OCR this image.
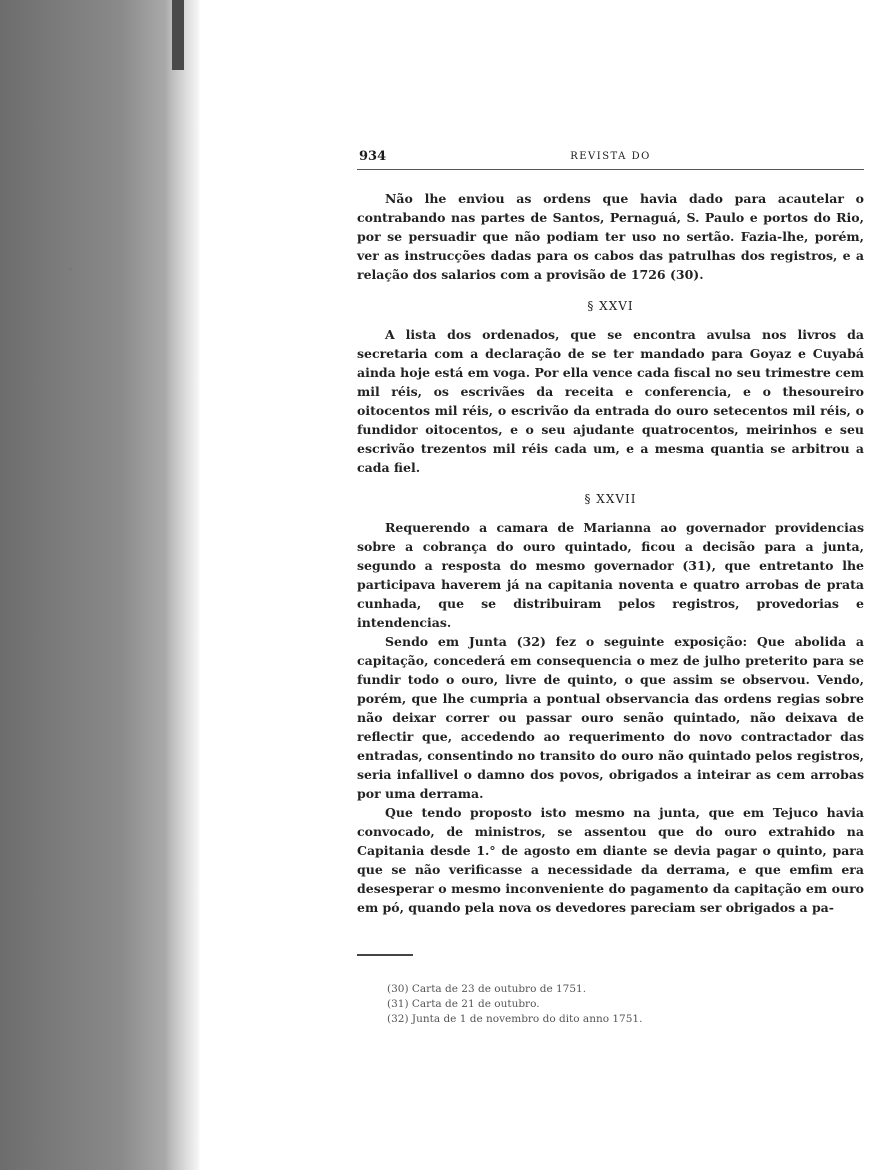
934	REVISTA DO

Não lhe enviou as ordens que havia dado para acautelar o contrabando nas partes de Santos, Pernaguá, S. Paulo e portos do Rio, por se persuadir que não podiam ter uso no sertão. Fazia-lhe, porém, ver as instrucções dadas para os cabos das patrulhas dos registros, e a relação dos salarios com a provisão de 1726 (30).

§ XXVI

A lista dos ordenados, que se encontra avulsa nos livros da secretaria com a declaração de se ter mandado para Goyaz e Cuyabá ainda hoje está em voga. Por ella vence cada fiscal no seu trimestre cem mil réis, os escrivães da receita e conferencia, e o thesoureiro oitocentos mil réis, o escrivão da entrada do ouro setecentos mil réis, o fundidor oitocentos, e o seu ajudante quatrocentos, meirinhos e seu escrivão trezentos mil réis cada um, e a mesma quantia se arbitrou a cada fiel.

§ XXVII

Requerendo a camara de Marianna ao governador providencias sobre a cobrança do ouro quintado, ficou a decisão para a junta, segundo a resposta do mesmo governador (31), que entretanto lhe participava haverem já na capitania noventa e quatro arrobas de prata cunhada, que se distribuiram pelos registros, provedorias e intendencias.

Sendo em Junta (32) fez o seguinte exposição: Que abolida a capitação, concederá em consequencia o mez de julho preterito para se fundir todo o ouro, livre de quinto, o que assim se observou. Vendo, porém, que lhe cumpria a pontual observancia das ordens regias sobre não deixar correr ou passar ouro senão quintado, não deixava de reflectir que, accedendo ao requerimento do novo contractador das entradas, consentindo no transito do ouro não quintado pelos registros, seria infallivel o damno dos povos, obrigados a inteirar as cem arrobas por uma derrama.

Que tendo proposto isto mesmo na junta, que em Tejuco havia convocado, de ministros, se assentou que do ouro extrahido na Capitania desde 1.° de agosto em diante se devia pagar o quinto, para que se não verificasse a necessidade da derrama, e que emfim era desesperar o mesmo inconveniente do pagamento da capitação em ouro em pó, quando pela nova os devedores pareciam ser obrigados a pa-

(30) Carta de 23 de outubro de 1751.
(31) Carta de 21 de outubro.
(32) Junta de 1 de novembro do dito anno 1751.
